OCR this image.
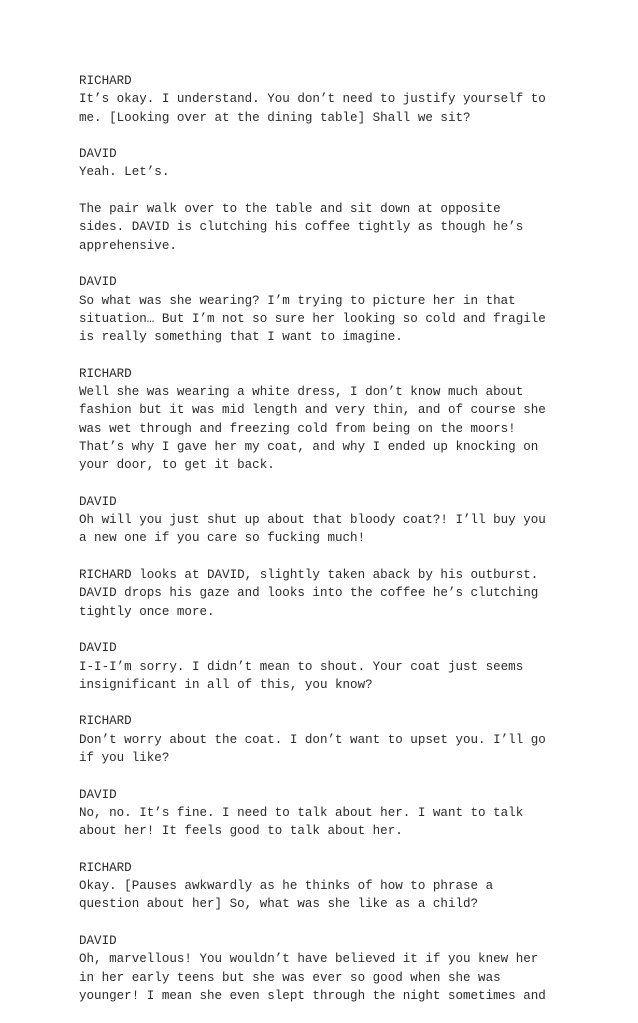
RICHARD
It’s okay. I understand. You don’t need to justify yourself to
me. [Looking over at the dining table] Shall we sit?
DAVID
Yeah. Let’s.
The pair walk over to the table and sit down at opposite
sides. DAVID is clutching his coffee tightly as though he’s
apprehensive.
DAVID
So what was she wearing? I’m trying to picture her in that
situation… But I’m not so sure her looking so cold and fragile
is really something that I want to imagine.
RICHARD
Well she was wearing a white dress, I don’t know much about
fashion but it was mid length and very thin, and of course she
was wet through and freezing cold from being on the moors!
That’s why I gave her my coat, and why I ended up knocking on
your door, to get it back.
DAVID
Oh will you just shut up about that bloody coat?! I’ll buy you
a new one if you care so fucking much!
RICHARD looks at DAVID, slightly taken aback by his outburst.
DAVID drops his gaze and looks into the coffee he’s clutching
tightly once more.
DAVID
I-I-I’m sorry. I didn’t mean to shout. Your coat just seems
insignificant in all of this, you know?
RICHARD
Don’t worry about the coat. I don’t want to upset you. I’ll go
if you like?
DAVID
No, no. It’s fine. I need to talk about her. I want to talk
about her! It feels good to talk about her.
RICHARD
Okay. [Pauses awkwardly as he thinks of how to phrase a
question about her] So, what was she like as a child?
DAVID
Oh, marvellous! You wouldn’t have believed it if you knew her
in her early teens but she was ever so good when she was
younger! I mean she even slept through the night sometimes and
